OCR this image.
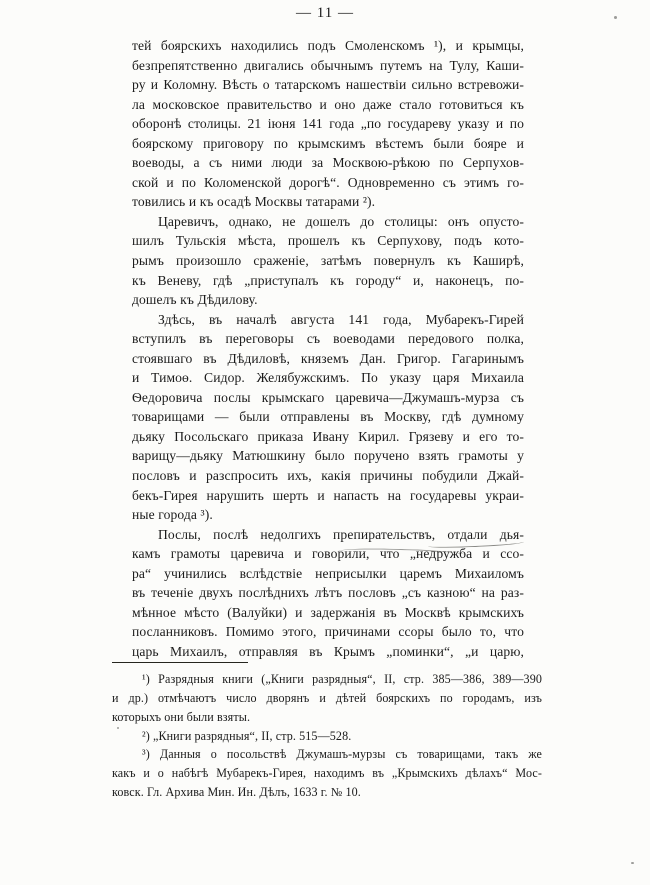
— 11 —
тей боярскихъ находились подъ Смоленскомъ ¹), и крымцы,
безпрепятственно двигались обычнымъ путемъ на Тулу, Каши-
ру и Коломну. Вѣсть о татарскомъ нашествіи сильно встревожи-
ла московское правительство и оно даже стало готовиться къ
оборонѣ столицы. 21 іюня 141 года „по государеву указу и по
боярскому приговору по крымскимъ вѣстемъ были бояре и
воеводы, а съ ними люди за Москвою-рѣкою по Серпухов-
ской и по Коломенской дорогѣ“. Одновременно съ этимъ го-
товились и къ осадѣ Москвы татарами ²).
Царевичъ, однако, не дошелъ до столицы: онъ опусто-
шилъ Тульскія мѣста, прошелъ къ Серпухову, подъ кото-
рымъ произошло сраженіе, затѣмъ повернулъ къ Каширѣ,
къ Веневу, гдѣ „приступалъ къ городу“ и, наконецъ, по-
дошелъ къ Дѣдилову.
Здѣсь, въ началѣ августа 141 года, Мубарекъ-Гирей
вступилъ въ переговоры съ воеводами передового полка,
стоявшаго въ Дѣдиловѣ, княземъ Дан. Григор. Гагаринымъ
и Тимоѳ. Сидор. Желябужскимъ. По указу царя Михаила
Ѳедоровича послы крымскаго царевича—Джумашъ-мурза съ
товарищами — были отправлены въ Москву, гдѣ думному
дьяку Посольскаго приказа Ивану Кирил. Грязеву и его то-
варищу—дьяку Матюшкину было поручено взять грамоты у
пословъ и разспросить ихъ, какія причины побудили Джай-
бекъ-Гирея нарушить шерть и напасть на государевы украи-
ные города ³).
Послы, послѣ недолгихъ препирательствъ, отдали дья-
камъ грамоты царевича и говорили, что „недружба и ссо-
ра“ учинились вслѣдствіе неприсылки царемъ Михаиломъ
въ теченіе двухъ послѣднихъ лѣтъ пословъ „съ казною“ на раз-
мѣнное мѣсто (Валуйки) и задержанія въ Москвѣ крымскихъ
посланниковъ. Помимо этого, причинами ссоры было то, что
царь Михаилъ, отправляя въ Крымъ „поминки“, „и царю,
¹) Разрядныя книги („Книги разрядныя“, II, стр. 385—386, 389—390
и др.) отмѣчаютъ число дворянъ и дѣтей боярскихъ по городамъ, изъ
которыхъ они были взяты.
²) „Книги разрядныя“, II, стр. 515—528.
³) Данныя о посольствѣ Джумашъ-мурзы съ товарищами, такъ же
какъ и о набѣгѣ Мубарекъ-Гирея, находимъ въ „Крымскихъ дѣлахъ“ Мос-
ковск. Гл. Архива Мин. Ин. Дѣлъ, 1633 г. № 10.
